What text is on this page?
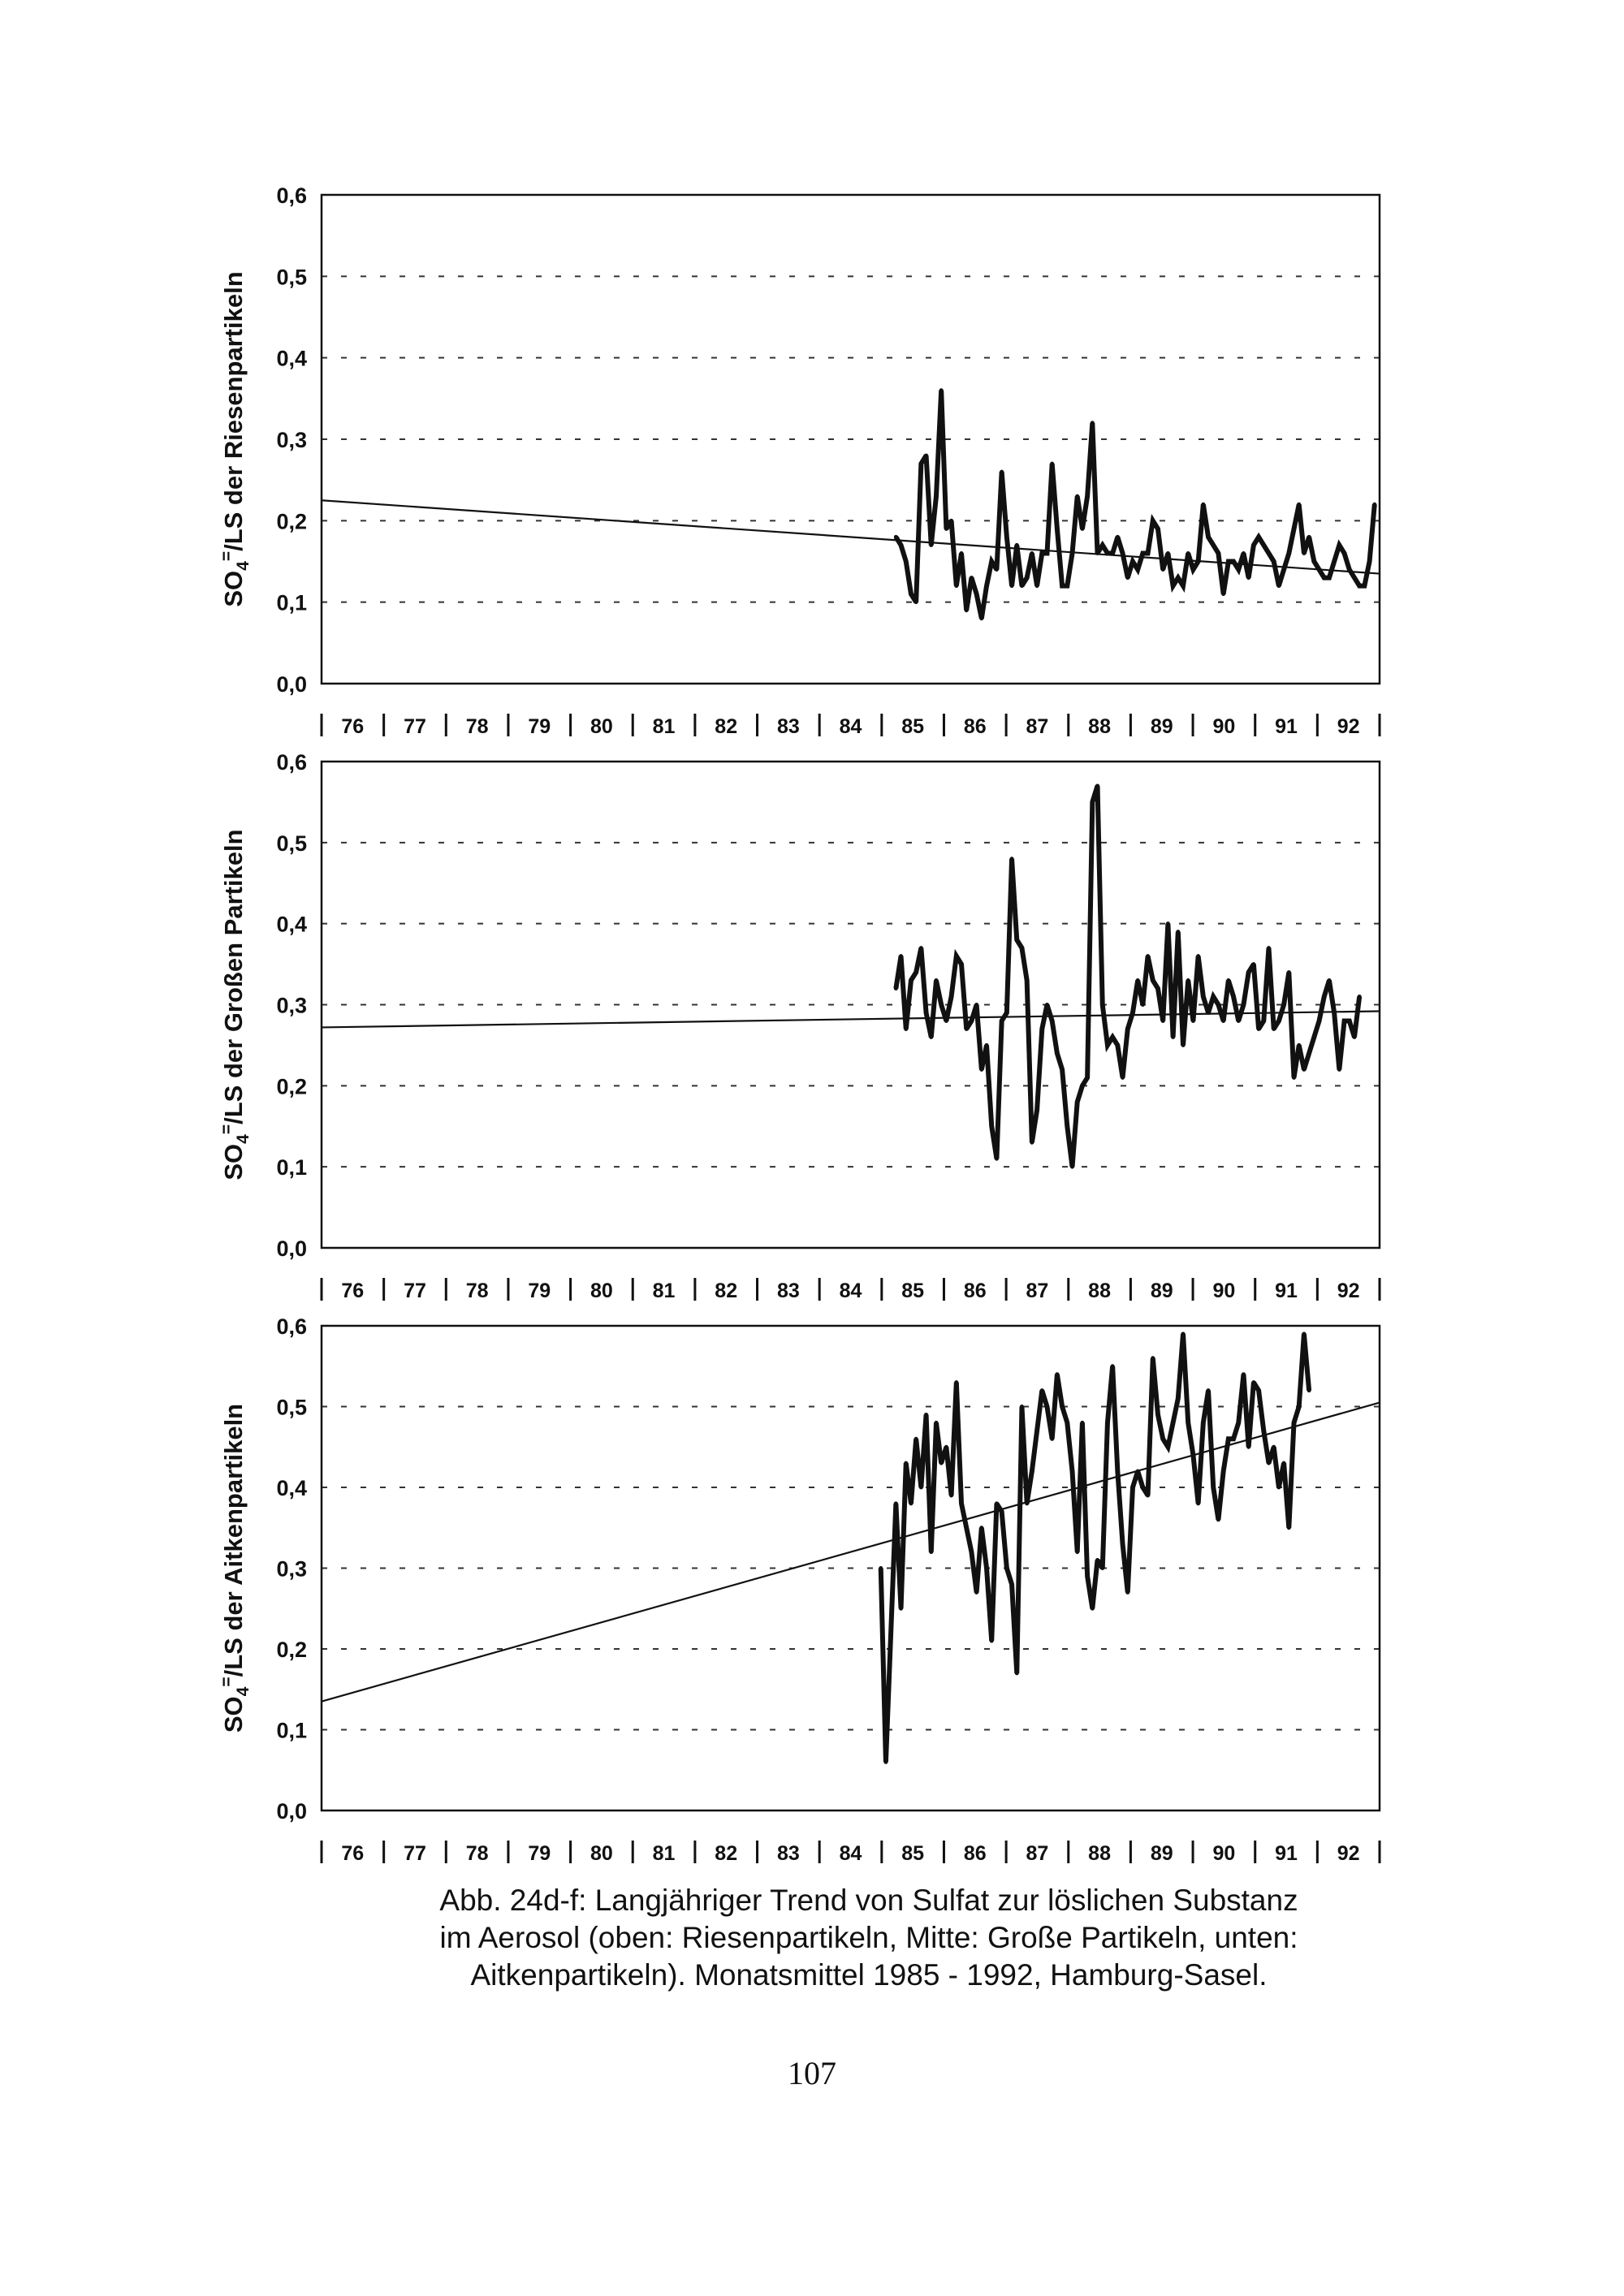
0,0
0,1
0,2
0,3
0,4
0,5
0,6
$SO_4^=/LS$ der Riesenpartikeln
76 77 78 79 80 81 82 83 84 85 86 87 88 89 90 91 92
0,0
0,1
0,2
0,3
0,4
0,5
0,6
$SO_4^=/LS$ der Großen Partikeln
76 77 78 79 80 81 82 83 84 85 86 87 88 89 90 91 92
0,0
0,1
0,2
0,3
0,4
0,5
0,6
$SO_4^=/LS$ der Aitkenpartikeln
76 77 78 79 80 81 82 83 84 85 86 87 88 89 90 91 92
Abb. 24d-f: Langjähriger Trend von Sulfat zur löslichen Substanz
im Aerosol (oben: Riesenpartikeln, Mitte: Große Partikeln, unten:
Aitkenpartikeln). Monatsmittel 1985 - 1992, Hamburg-Sasel.
107
